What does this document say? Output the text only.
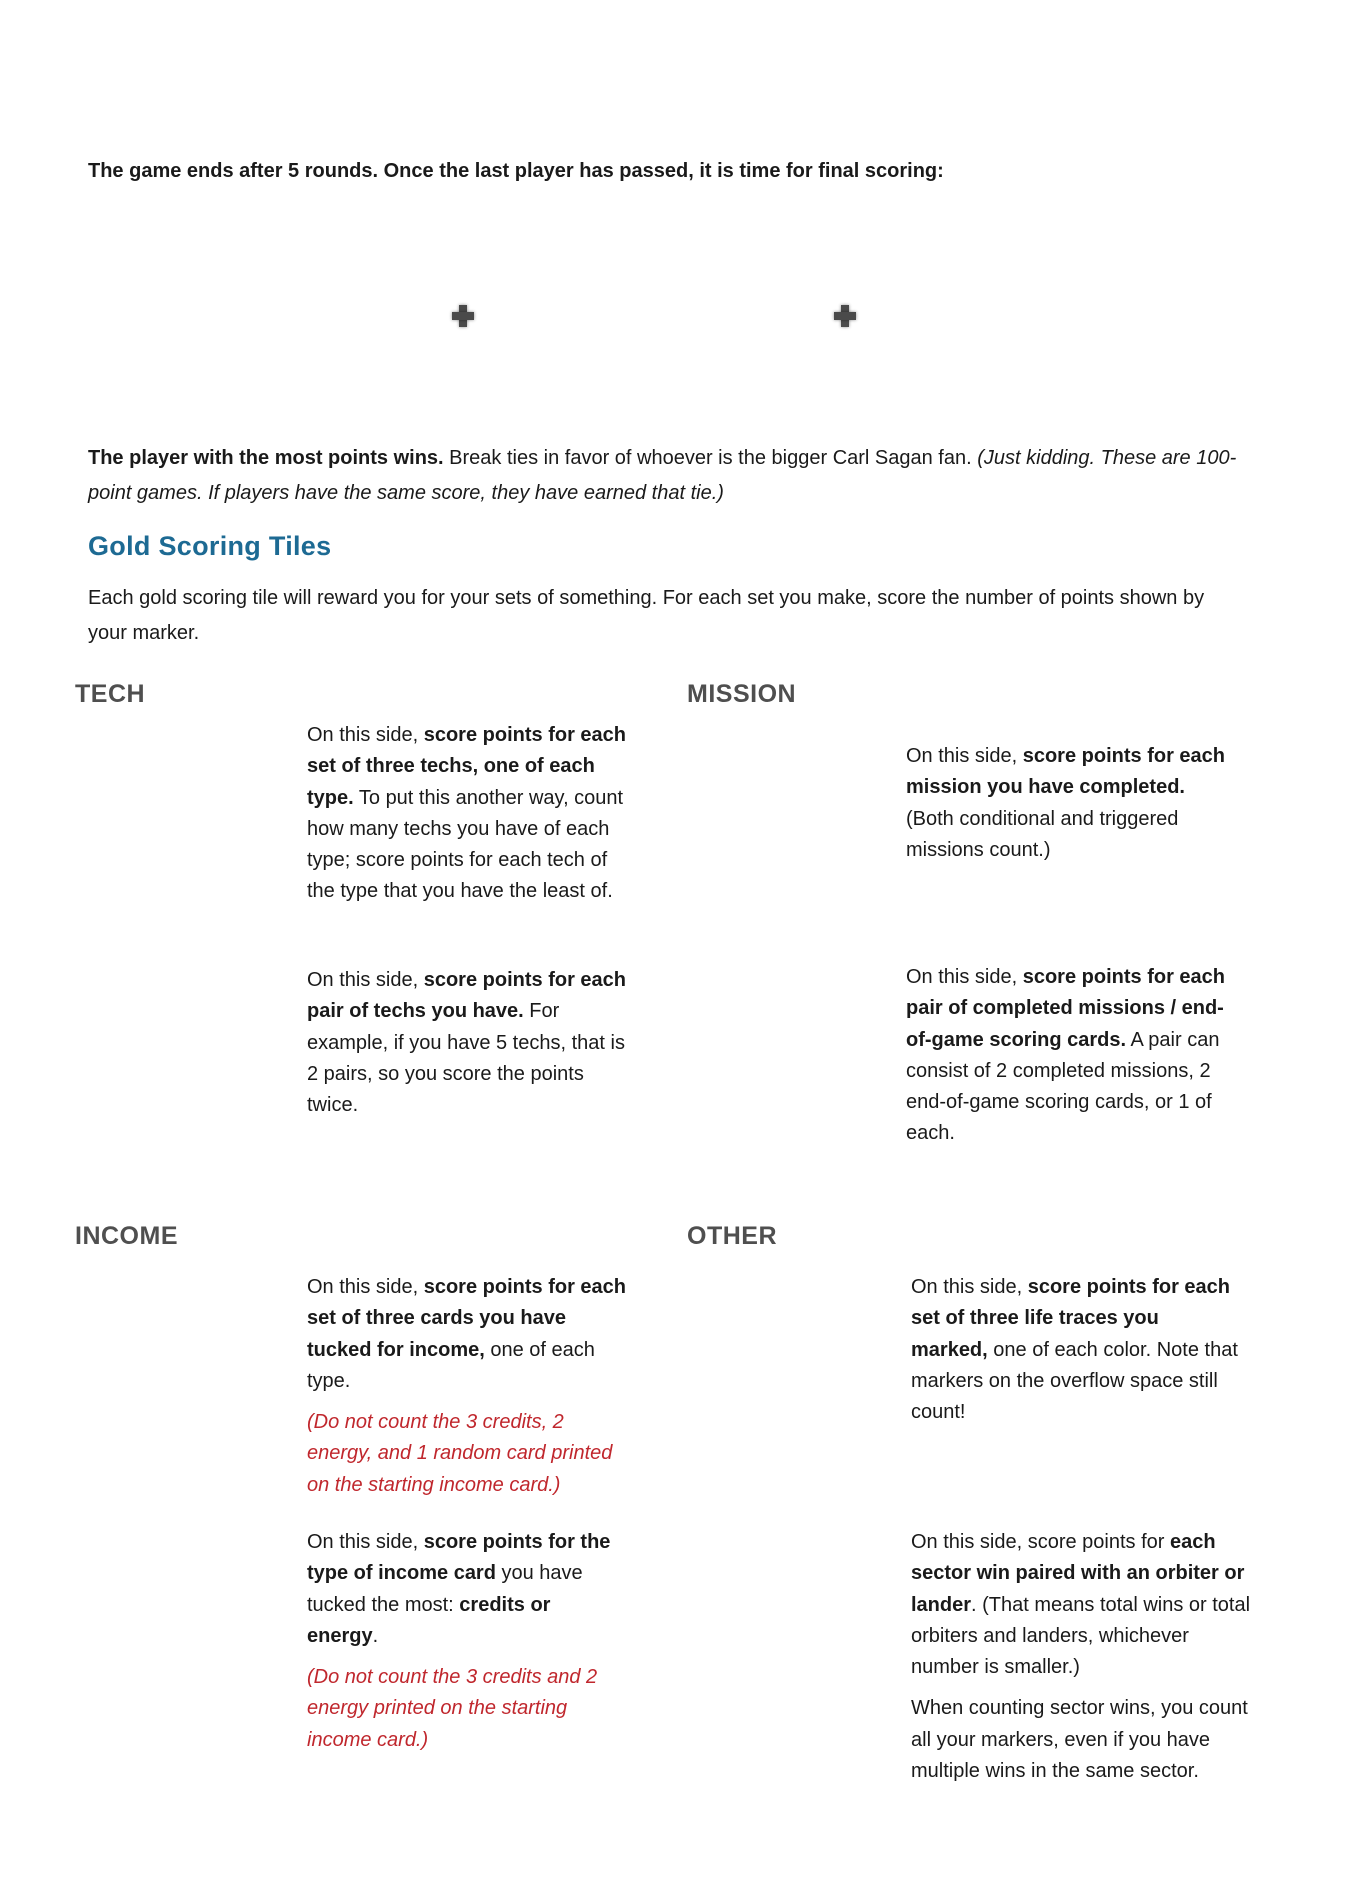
The game ends after 5 rounds. Once the last player has passed, it is time for final scoring:
The player with the most points wins. Break ties in favor of whoever is the bigger Carl Sagan fan. (Just kidding. These are 100-point games. If players have the same score, they have earned that tie.)
Gold Scoring Tiles
Each gold scoring tile will reward you for your sets of something. For each set you make, score the number of points shown by your marker.
TECH

On this side, score points for each set of three techs, one of each type. To put this another way, count how many techs you have of each type; score points for each tech of the type that you have the least of.

On this side, score points for each pair of techs you have. For example, if you have 5 techs, that is 2 pairs, so you score the points twice.

MISSION

On this side, score points for each mission you have completed. (Both conditional and triggered missions count.)

On this side, score points for each pair of completed missions / end-of-game scoring cards. A pair can consist of 2 completed missions, 2 end-of-game scoring cards, or 1 of each.

INCOME

On this side, score points for each set of three cards you have tucked for income, one of each type.

(Do not count the 3 credits, 2 energy, and 1 random card printed on the starting income card.)

On this side, score points for the type of income card you have tucked the most: credits or energy.

(Do not count the 3 credits and 2 energy printed on the starting income card.)

OTHER

On this side, score points for each set of three life traces you marked, one of each color. Note that markers on the overflow space still count!

On this side, score points for each sector win paired with an orbiter or lander. (That means total wins or total orbiters and landers, whichever number is smaller.)

When counting sector wins, you count all your markers, even if you have multiple wins in the same sector.
